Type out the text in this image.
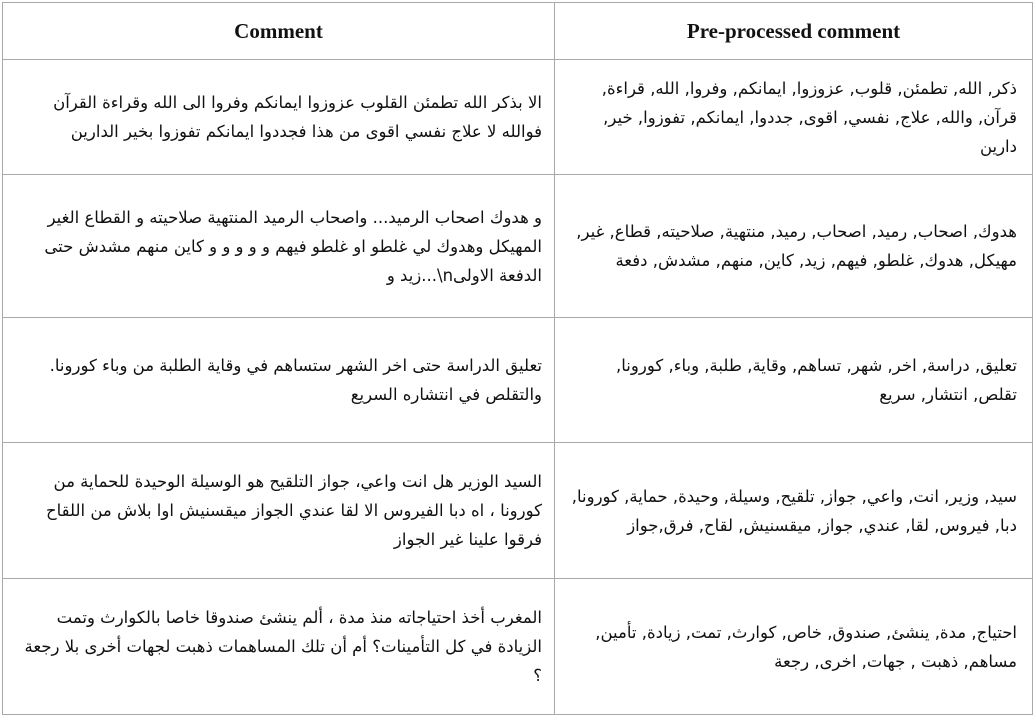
Comment	Pre-processed comment
الا بذكر الله تطمئن القلوب عزوزوا ايمانكم وفروا الى الله وقراءة القرآن فوالله لا علاج نفسي اقوى من هذا فجددوا ايمانكم تفوزوا بخير الدارين	ذكر, الله, تطمئن, قلوب, عزوزوا, ايمانكم, وفروا, الله, قراءة, قرآن, والله, علاج, نفسي, اقوى, جددوا, ايمانكم, تفوزوا, خير, دارين
و هدوك اصحاب الرميد... واصحاب الرميد المنتهية صلاحيته و القطاع الغير المهيكل وهدوك لي غلطو او غلطو فيهم و و و و و كاين منهم مشدش حتى الدفعة الاولىn\...زيد و	هدوك, اصحاب, رميد, اصحاب, رميد, منتهية, صلاحيته, قطاع, غير, مهيكل, هدوك, غلطو, فيهم, زيد, كاين, منهم, مشدش, دفعة
تعليق الدراسة حتى اخر الشهر ستساهم في وقاية الطلبة من وباء كورونا. والتقلص في انتشاره السريع	تعليق, دراسة, اخر, شهر, تساهم, وقاية, طلبة, وباء, كورونا, تقلص, انتشار, سريع
السيد الوزير هل انت واعي، جواز التلقيح هو الوسيلة الوحيدة للحماية من كورونا ، اه دبا الفيروس الا لقا عندي الجواز ميقسنيش اوا بلاش من اللقاح فرقوا علينا غير الجواز	سيد, وزير, انت, واعي, جواز, تلقيح, وسيلة, وحيدة, حماية, كورونا, دبا, فيروس, لقا, عندي, جواز, ميقسنيش, لقاح, فرق,جواز
المغرب أخذ احتياجاته منذ مدة ، ألم ينشئ صندوقا خاصا بالكوارث وتمت الزيادة في كل التأمينات؟ أم أن تلك المساهمات ذهبت لجهات أخرى بلا رجعة ؟	احتياج, مدة, ينشئ, صندوق, خاص, كوارث, تمت, زيادة, تأمين, مساهم, ذهبت , جهات, اخرى, رجعة
